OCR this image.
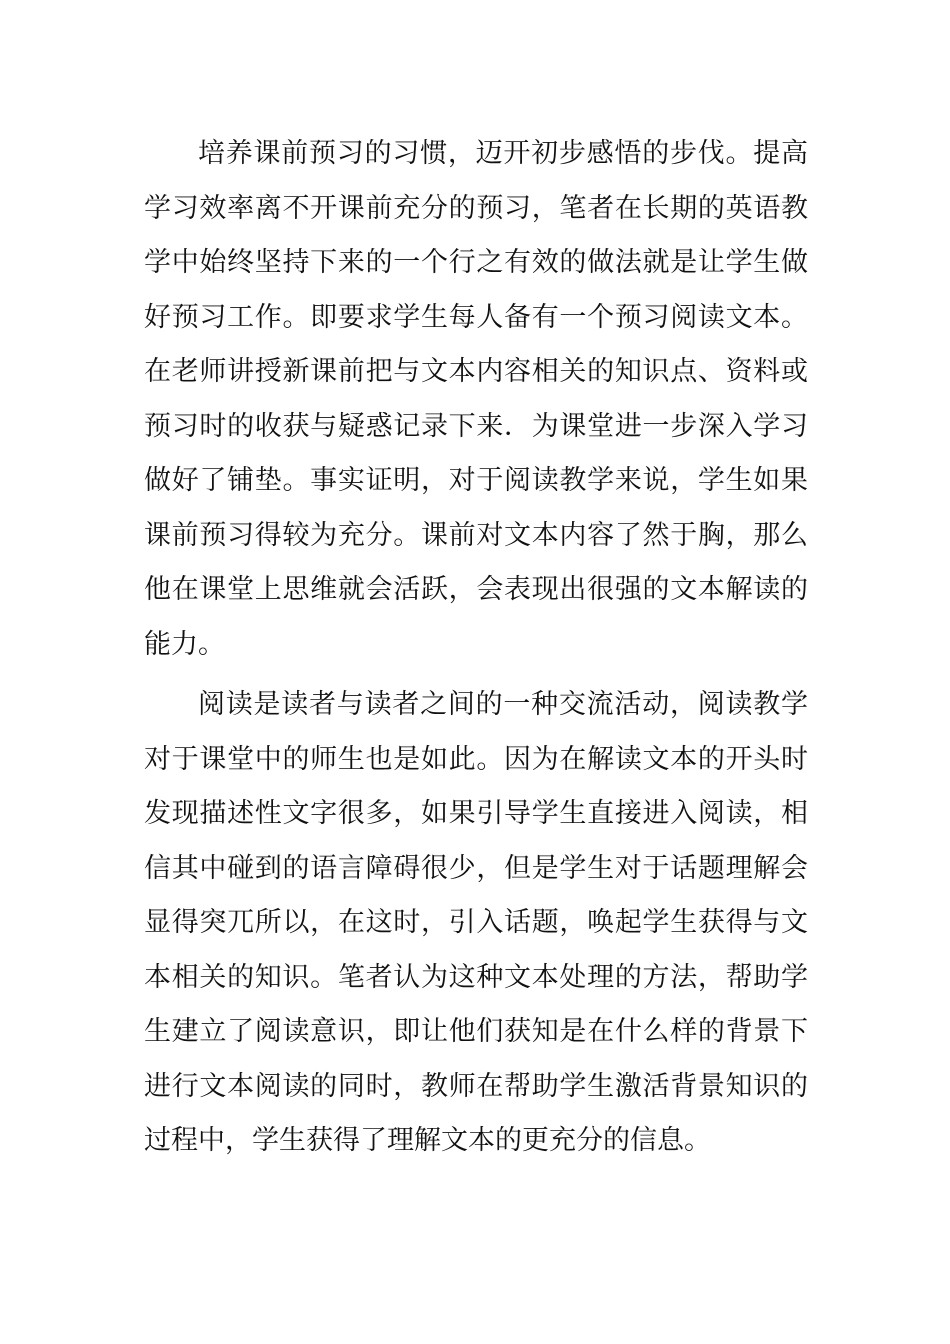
培养课前预习的习惯，迈开初步感悟的步伐。提高学习效率离不开课前充分的预习，笔者在长期的英语教学中始终坚持下来的一个行之有效的做法就是让学生做好预习工作。即要求学生每人备有一个预习阅读文本。在老师讲授新课前把与文本内容相关的知识点、资料或预习时的收获与疑惑记录下来．为课堂进一步深入学习做好了铺垫。事实证明，对于阅读教学来说，学生如果课前预习得较为充分。课前对文本内容了然于胸，那么他在课堂上思维就会活跃，会表现出很强的文本解读的能力。

阅读是读者与读者之间的一种交流活动，阅读教学对于课堂中的师生也是如此。因为在解读文本的开头时发现描述性文字很多，如果引导学生直接进入阅读，相信其中碰到的语言障碍很少，但是学生对于话题理解会显得突兀所以，在这时，引入话题，唤起学生获得与文本相关的知识。笔者认为这种文本处理的方法，帮助学生建立了阅读意识，即让他们获知是在什么样的背景下进行文本阅读的同时，教师在帮助学生激活背景知识的过程中，学生获得了理解文本的更充分的信息。
